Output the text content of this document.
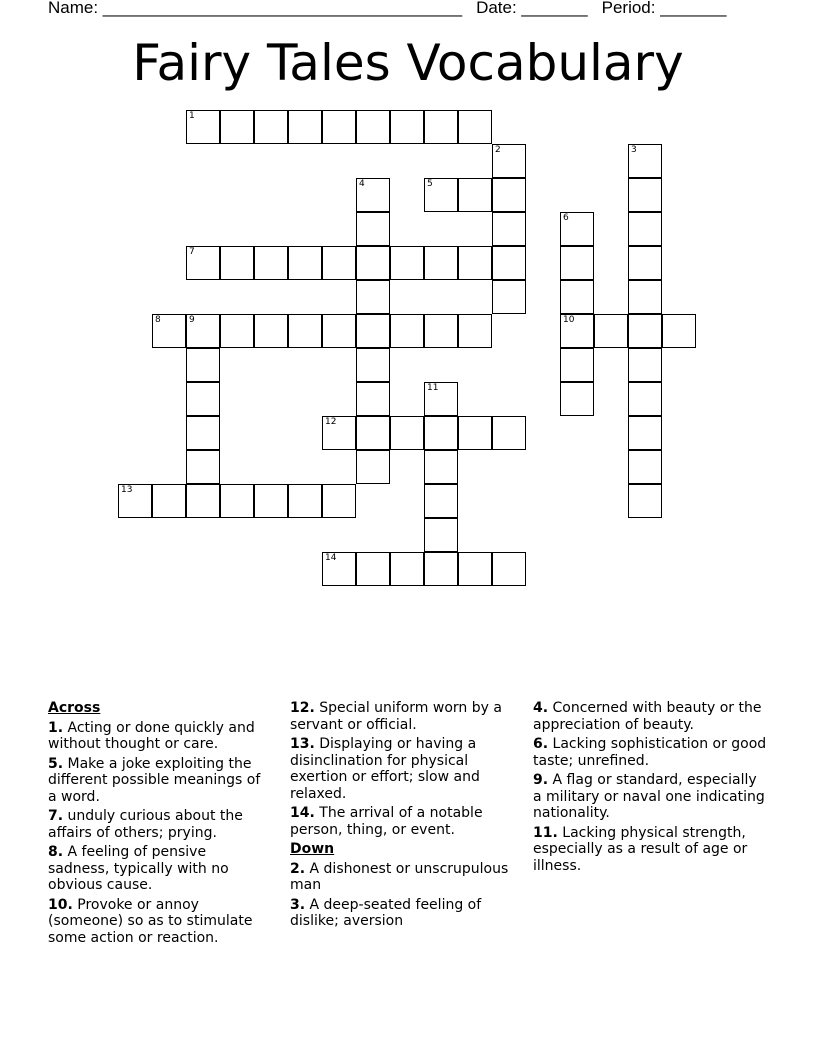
Name: ______________________________________ Date: _______ Period: _______
Fairy Tales Vocabulary
1
2	3
4	5
6
10
7
8	9
11
12
13
14
Across
1. Acting or done quickly and without thought or care.
5. Make a joke exploiting the different possible meanings of a word.
7. unduly curious about the affairs of others; prying.
8. A feeling of pensive sadness, typically with no obvious cause.
10. Provoke or annoy (someone) so as to stimulate some action or reaction.
12. Special uniform worn by a servant or official.
13. Displaying or having a disinclination for physical exertion or effort; slow and relaxed.
14. The arrival of a notable person, thing, or event.
Down
2. A dishonest or unscrupulous man
3. A deep-seated feeling of dislike; aversion
4. Concerned with beauty or the appreciation of beauty.
6. Lacking sophistication or good taste; unrefined.
9. A flag or standard, especially a military or naval one indicating nationality.
11. Lacking physical strength, especially as a result of age or illness.
